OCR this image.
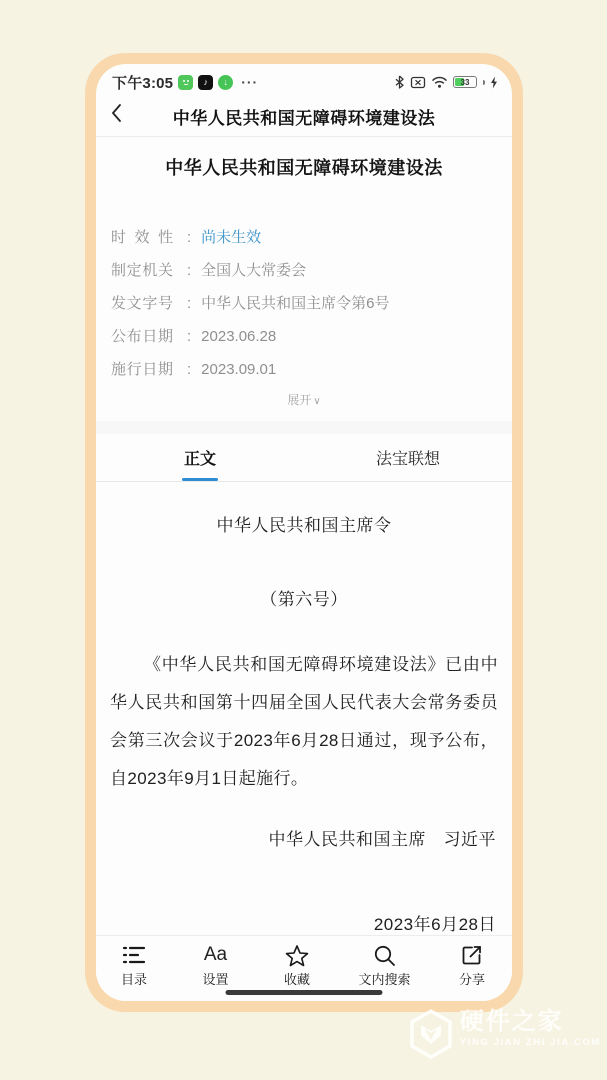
下午3:05	♪	↓ ···	33
中华人民共和国无障碍环境建设法
中华人民共和国无障碍环境建设法
时效性 : 尚未生效
制定机关 : 全国人大常委会
发文字号 : 中华人民共和国主席令第6号
公布日期 : 2023.06.28
施行日期 : 2023.09.01
展开 ∨
正文	法宝联想
中华人民共和国主席令
（第六号）
《中华人民共和国无障碍环境建设法》已由中华人民共和国第十四届全国人民代表大会常务委员会第三次会议于2023年6月28日通过，现予公布，自2023年9月1日起施行。
中华人民共和国主席　习近平
2023年6月28日
目录
Aa
设置	收藏	文内搜索	分享
硬件之家
YING JIAN ZHI JIA.COM
